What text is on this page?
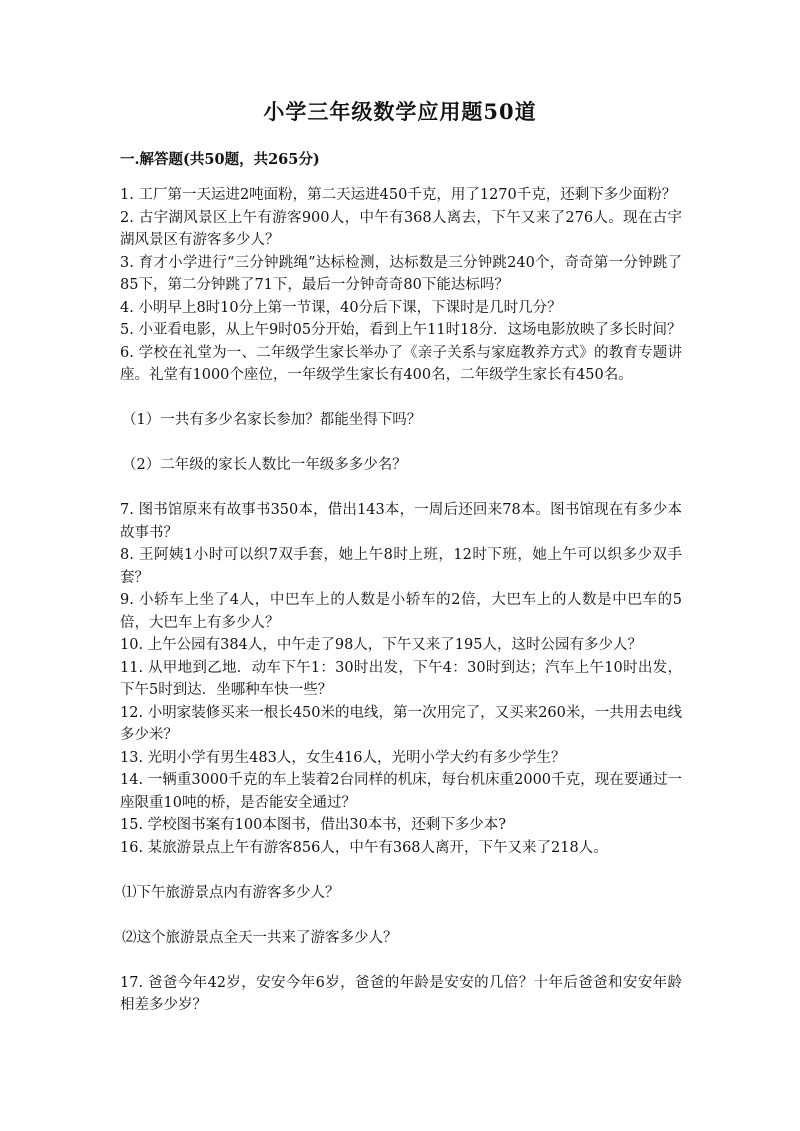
小学三年级数学应用题50道
一.解答题(共50题，共265分)

1. 工厂第一天运进2吨面粉，第二天运进450千克，用了1270千克，还剩下多少面粉？

2. 古宇湖风景区上午有游客900人，中午有368人离去，下午又来了276人。现在古宇湖风景区有游客多少人？

3. 育才小学进行“三分钟跳绳”达标检测，达标数是三分钟跳240个，奇奇第一分钟跳了85下，第二分钟跳了71下，最后一分钟奇奇80下能达标吗？

4. 小明早上8时10分上第一节课，40分后下课，下课时是几时几分？

5. 小亚看电影，从上午9时05分开始，看到上午11时18分．这场电影放映了多长时间？

6. 学校在礼堂为一、二年级学生家长举办了《亲子关系与家庭教养方式》的教育专题讲座。礼堂有1000个座位，一年级学生家长有400名，二年级学生家长有450名。

（1）一共有多少名家长参加？都能坐得下吗？

（2）二年级的家长人数比一年级多多少名？

7. 图书馆原来有故事书350本，借出143本，一周后还回来78本。图书馆现在有多少本故事书？

8. 王阿姨1小时可以织7双手套，她上午8时上班，12时下班，她上午可以织多少双手套？

9. 小轿车上坐了4人，中巴车上的人数是小轿车的2倍，大巴车上的人数是中巴车的5倍，大巴车上有多少人？

10. 上午公园有384人，中午走了98人，下午又来了195人，这时公园有多少人？

11. 从甲地到乙地．动车下午1：30时出发，下午4：30时到达；汽车上午10时出发，下午5时到达．坐哪种车快一些？

12. 小明家装修买来一根长450米的电线，第一次用完了，又买来260米，一共用去电线多少米？

13. 光明小学有男生483人，女生416人，光明小学大约有多少学生？

14. 一辆重3000千克的车上装着2台同样的机床，每台机床重2000千克，现在要通过一座限重10吨的桥，是否能安全通过？

15. 学校图书案有100本图书，借出30本书，还剩下多少本?

16. 某旅游景点上午有游客856人，中午有368人离开，下午又来了218人。

⑴下午旅游景点内有游客多少人？

⑵这个旅游景点全天一共来了游客多少人？

17. 爸爸今年42岁，安安今年6岁，爸爸的年龄是安安的几倍？十年后爸爸和安安年龄相差多少岁？
